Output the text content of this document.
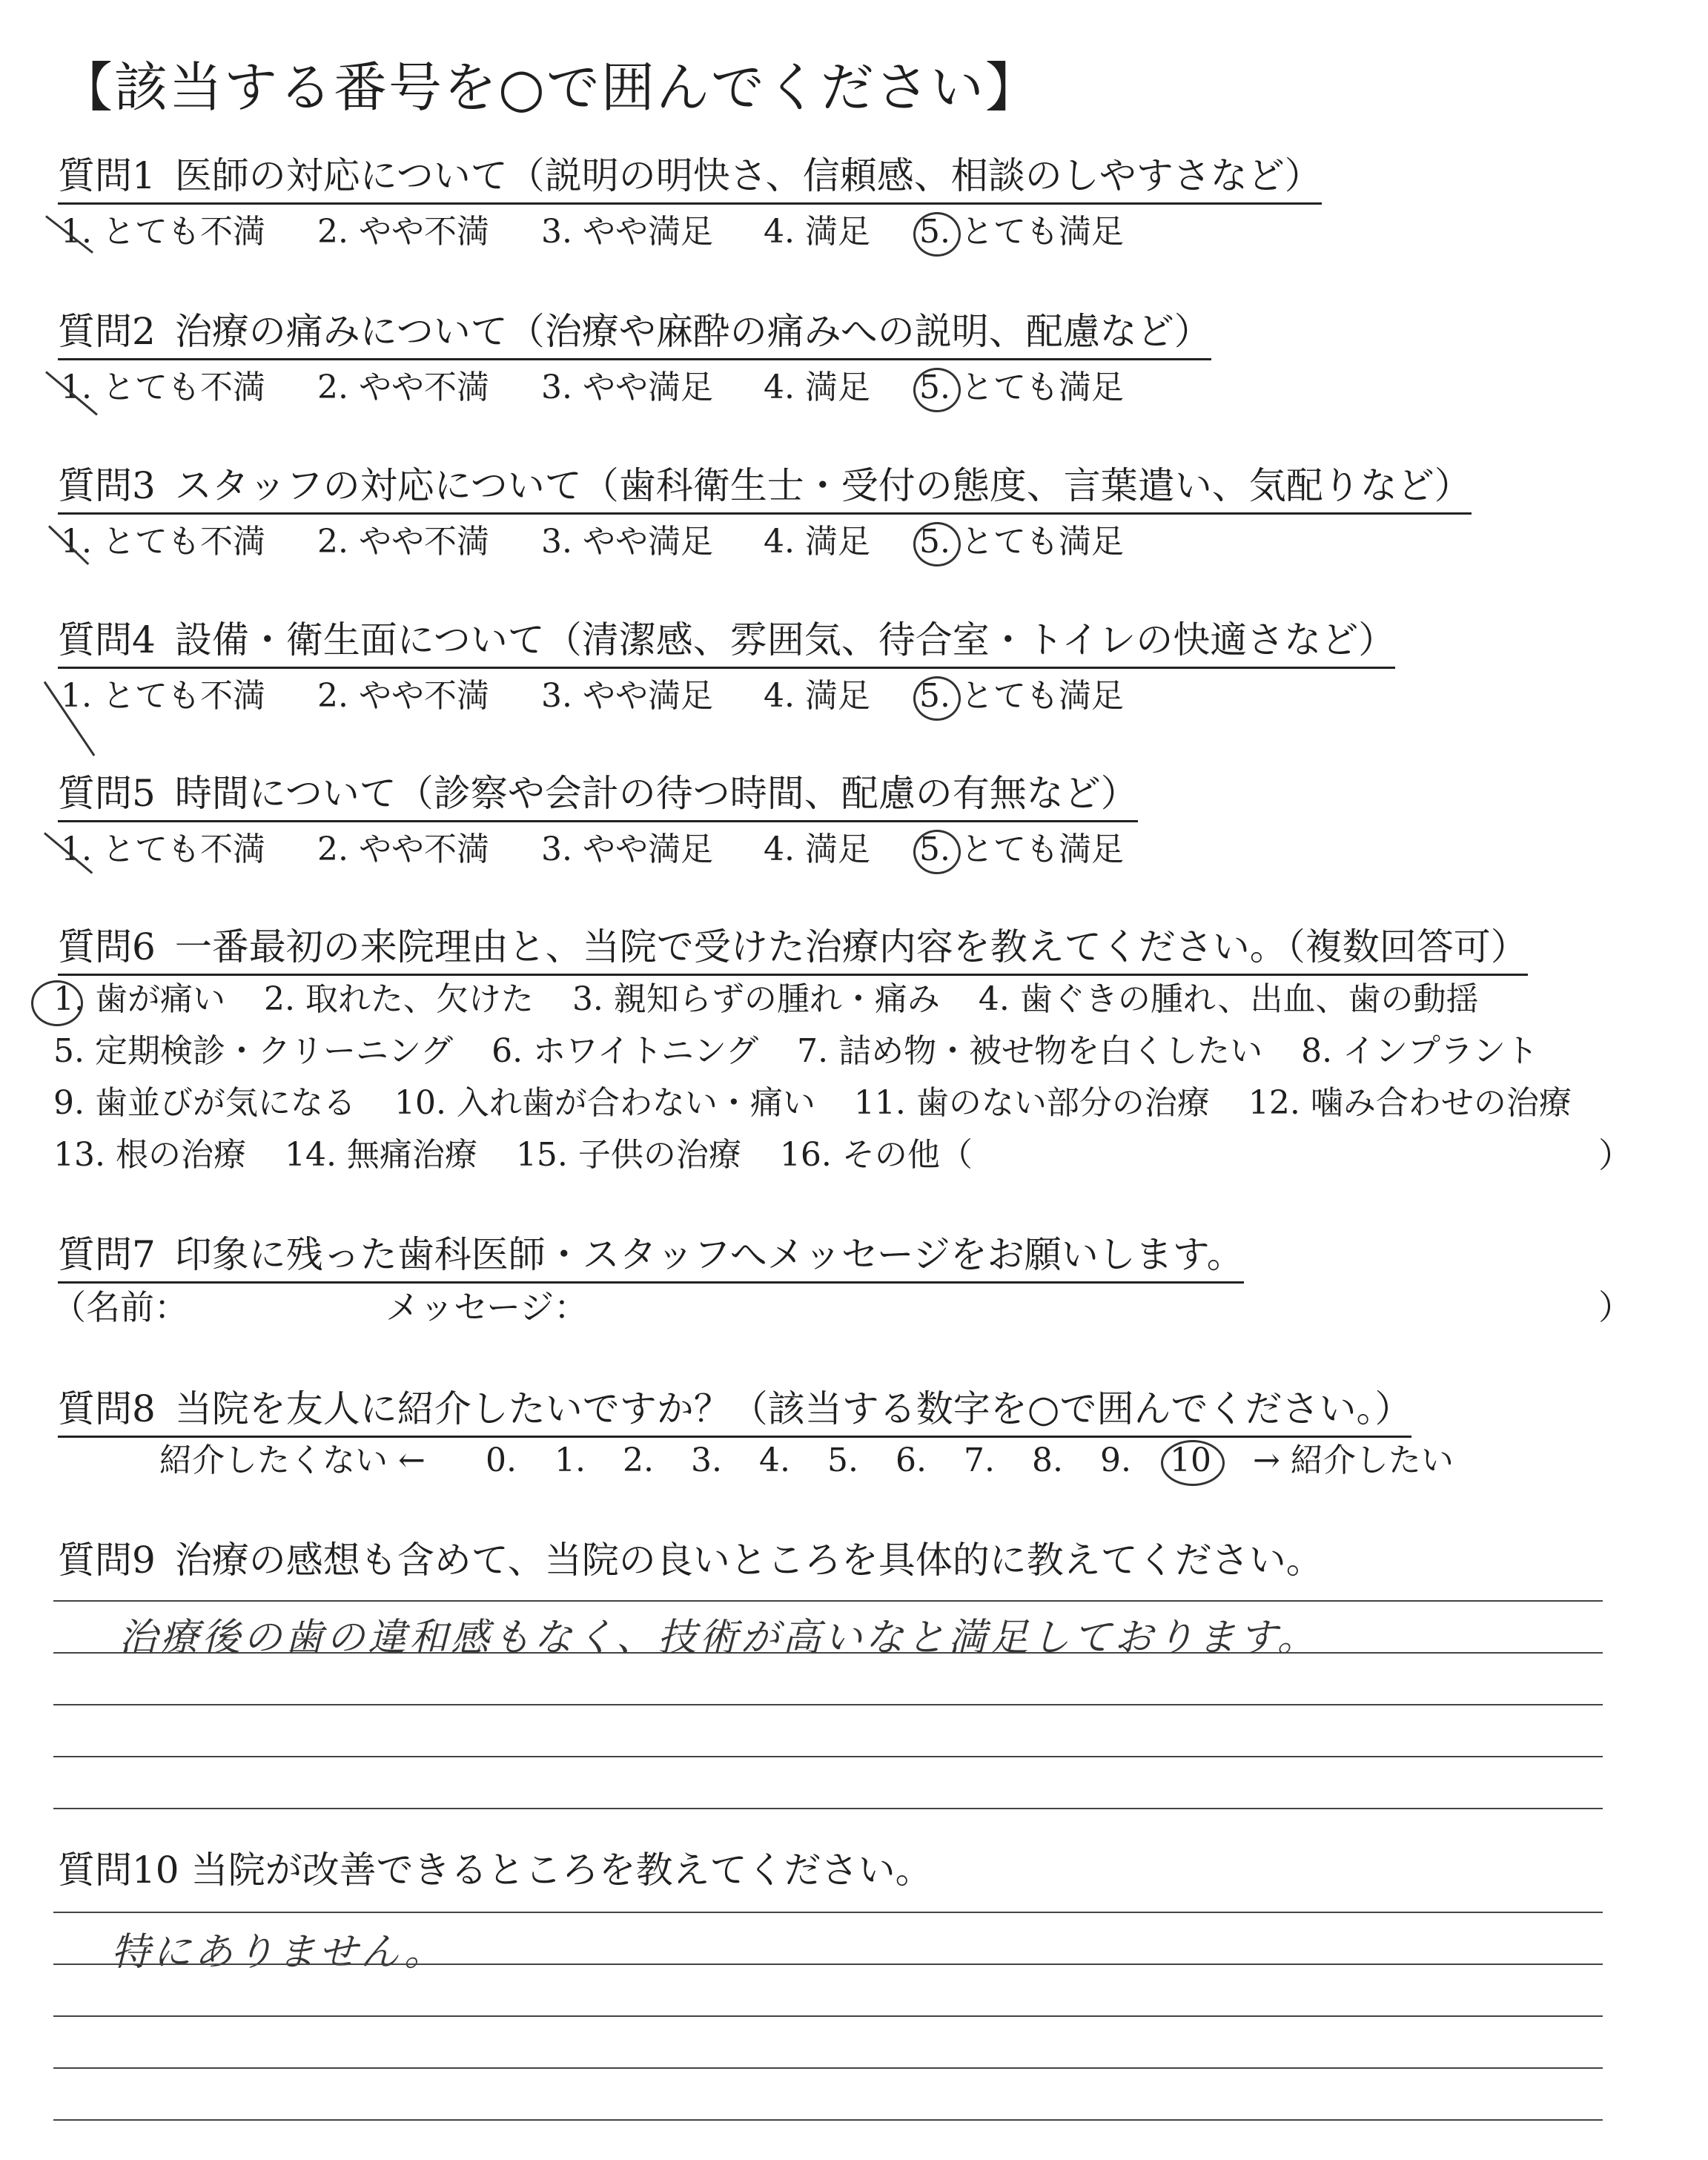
【該当する番号を○で囲んでください】
質問1 医師の対応について（説明の明快さ、信頼感、相談のしやすさなど）
1. とても不満 2. やや不満 3. やや満足 4. 満足 5. とても満足
質問2 治療の痛みについて（治療や麻酔の痛みへの説明、配慮など）
1. とても不満 2. やや不満 3. やや満足 4. 満足 5. とても満足
質問3 スタッフの対応について（歯科衛生士・受付の態度、言葉遣い、気配りなど）
1. とても不満 2. やや不満 3. やや満足 4. 満足 5. とても満足
質問4 設備・衛生面について（清潔感、雰囲気、待合室・トイレの快適さなど）
1. とても不満 2. やや不満 3. やや満足 4. 満足 5. とても満足
質問5 時間について（診察や会計の待つ時間、配慮の有無など）
1. とても不満 2. やや不満 3. やや満足 4. 満足 5. とても満足
質問6 一番最初の来院理由と、当院で受けた治療内容を教えてください。（複数回答可）
1. 歯が痛い 2. 取れた、欠けた 3. 親知らずの腫れ・痛み 4. 歯ぐきの腫れ、出血、歯の動揺
5. 定期検診・クリーニング 6. ホワイトニング 7. 詰め物・被せ物を白くしたい 8. インプラント
9. 歯並びが気になる 10. 入れ歯が合わない・痛い 11. 歯のない部分の治療 12. 噛み合わせの治療
13. 根の治療 14. 無痛治療 15. 子供の治療 16. その他（	）
質問7 印象に残った歯科医師・スタッフへメッセージをお願いします。
（名前：	メッセージ：	）
質問8 当院を友人に紹介したいですか？（該当する数字を○で囲んでください。）
紹介したくない ← 0. 1. 2. 3. 4. 5. 6. 7. 8. 9. 10 → 紹介したい
質問9 治療の感想も含めて、当院の良いところを具体的に教えてください。
治療後の歯の違和感もなく、技術が高いなと満足しております。
質問10 当院が改善できるところを教えてください。
特にありません。
